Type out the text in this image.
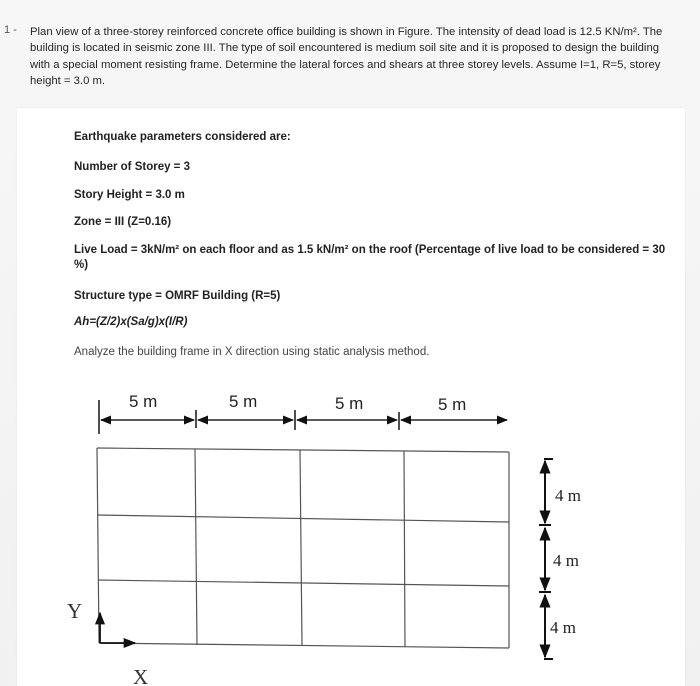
1 - Plan view of a three-storey reinforced concrete office building is shown in Figure. The intensity of dead load is 12.5 KN/m². The building is located in seismic zone III. The type of soil encountered is medium soil site and it is proposed to design the building with a special moment resisting frame. Determine the lateral forces and shears at three storey levels. Assume I=1, R=5, storey height = 3.0 m.
Earthquake parameters considered are:
Number of Storey = 3
Story Height = 3.0 m
Zone = III (Z=0.16)
Live Load = 3kN/m² on each floor and as 1.5 kN/m² on the roof (Percentage of live load to be considered = 30 %)
Structure type = OMRF Building (R=5)
Ah=(Z/2)x(Sa/g)x(I/R)
Analyze the building frame in X direction using static analysis method.
5 m	5 m	5 m	5 m
4 m
4 m
4 m
Y
X
